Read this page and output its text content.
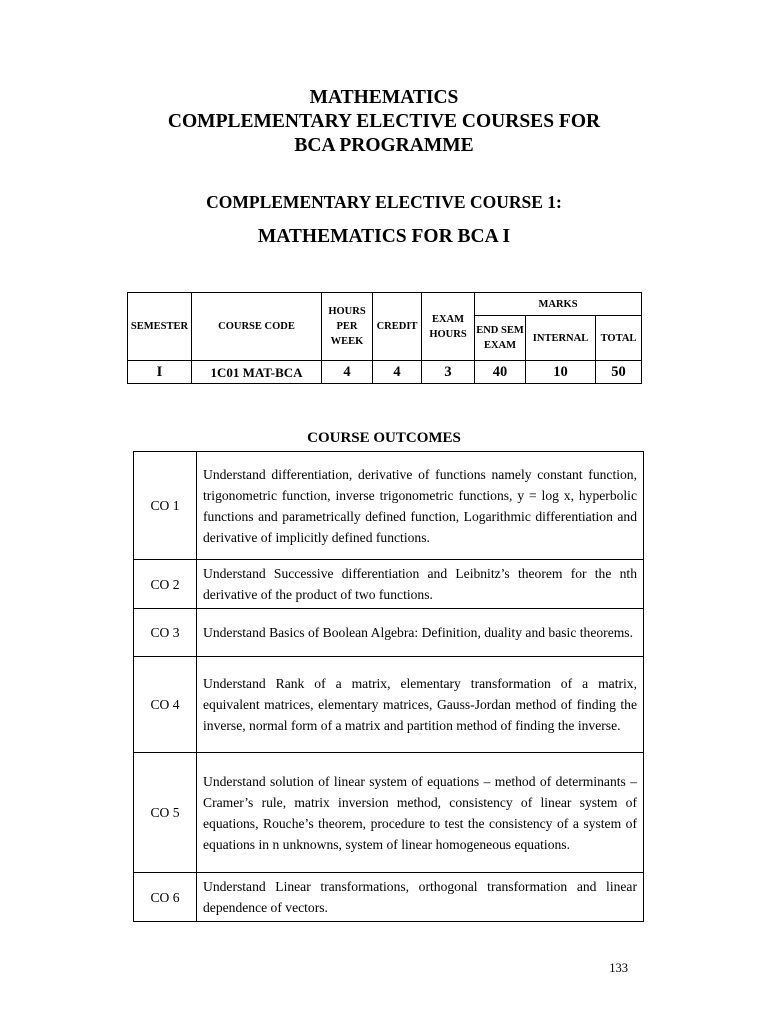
MATHEMATICS
COMPLEMENTARY ELECTIVE COURSES FOR
BCA PROGRAMME
COMPLEMENTARY ELECTIVE COURSE 1:
MATHEMATICS FOR BCA I
SEMESTER	COURSE CODE	HOURS PER WEEK	CREDIT	EXAM HOURS	MARKS		
					END SEM EXAM	INTERNAL	TOTAL
I	1C01 MAT-BCA	4	4	3	40	10	50
COURSE OUTCOMES
CO 1	Understand differentiation, derivative of functions namely constant function, trigonometric function, inverse trigonometric functions, y = log x, hyperbolic functions and parametrically defined function, Logarithmic differentiation and derivative of implicitly defined functions.
CO 2	Understand Successive differentiation and Leibnitz’s theorem for the nth derivative of the product of two functions.
CO 3	Understand Basics of Boolean Algebra: Definition, duality and basic theorems.
CO 4	Understand Rank of a matrix, elementary transformation of a matrix, equivalent matrices, elementary matrices, Gauss-Jordan method of finding the inverse, normal form of a matrix and partition method of finding the inverse.
CO 5	Understand solution of linear system of equations – method of determinants – Cramer’s rule, matrix inversion method, consistency of linear system of equations, Rouche’s theorem, procedure to test the consistency of a system of equations in n unknowns, system of linear homogeneous equations.
CO 6	Understand Linear transformations, orthogonal transformation and linear dependence of vectors.
133
